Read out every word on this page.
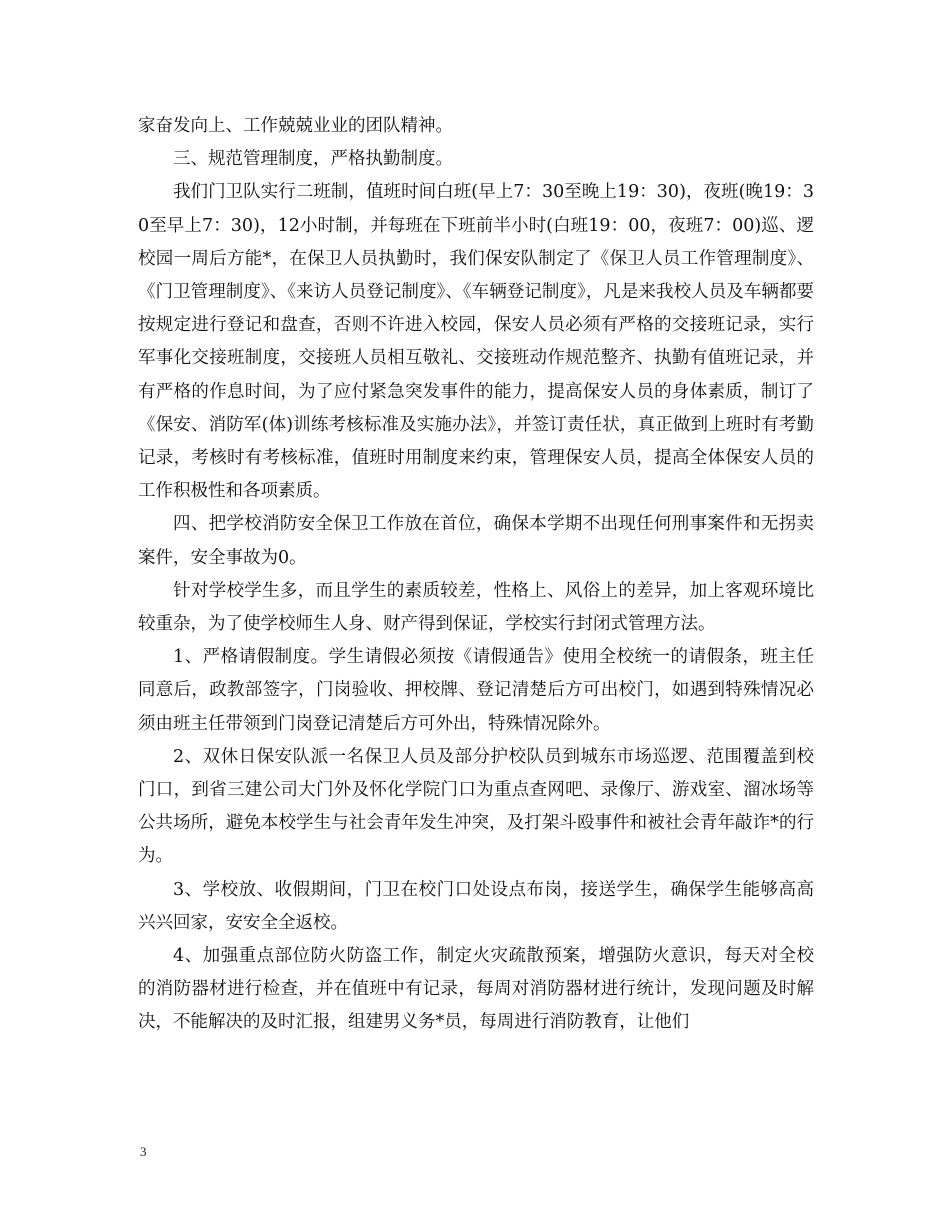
家奋发向上、工作兢兢业业的团队精神。

三、规范管理制度，严格执勤制度。

我们门卫队实行二班制，值班时间白班(早上7：30至晚上19：30)，夜班(晚19：30至早上7：30)，12小时制，并每班在下班前半小时(白班19：00，夜班7：00)巡、逻校园一周后方能*，在保卫人员执勤时，我们保安队制定了《保卫人员工作管理制度》、《门卫管理制度》、《来访人员登记制度》、《车辆登记制度》，凡是来我校人员及车辆都要按规定进行登记和盘查，否则不许进入校园，保安人员必须有严格的交接班记录，实行军事化交接班制度，交接班人员相互敬礼、交接班动作规范整齐、执勤有值班记录，并有严格的作息时间，为了应付紧急突发事件的能力，提高保安人员的身体素质，制订了《保安、消防军(体)训练考核标准及实施办法》，并签订责任状，真正做到上班时有考勤记录，考核时有考核标准，值班时用制度来约束，管理保安人员，提高全体保安人员的工作积极性和各项素质。

四、把学校消防安全保卫工作放在首位，确保本学期不出现任何刑事案件和无拐卖案件，安全事故为0。

针对学校学生多，而且学生的素质较差，性格上、风俗上的差异，加上客观环境比较重杂，为了使学校师生人身、财产得到保证，学校实行封闭式管理方法。

1、严格请假制度。学生请假必须按《请假通告》使用全校统一的请假条，班主任同意后，政教部签字，门岗验收、押校牌、登记清楚后方可出校门，如遇到特殊情况必须由班主任带领到门岗登记清楚后方可外出，特殊情况除外。

2、双休日保安队派一名保卫人员及部分护校队员到城东市场巡逻、范围覆盖到校门口，到省三建公司大门外及怀化学院门口为重点查网吧、录像厅、游戏室、溜冰场等公共场所，避免本校学生与社会青年发生冲突，及打架斗殴事件和被社会青年敲诈*的行为。

3、学校放、收假期间，门卫在校门口处设点布岗，接送学生，确保学生能够高高兴兴回家，安安全全返校。

4、加强重点部位防火防盗工作，制定火灾疏散预案，增强防火意识，每天对全校的消防器材进行检查，并在值班中有记录，每周对消防器材进行统计，发现问题及时解决，不能解决的及时汇报，组建男义务*员，每周进行消防教育，让他们

3
